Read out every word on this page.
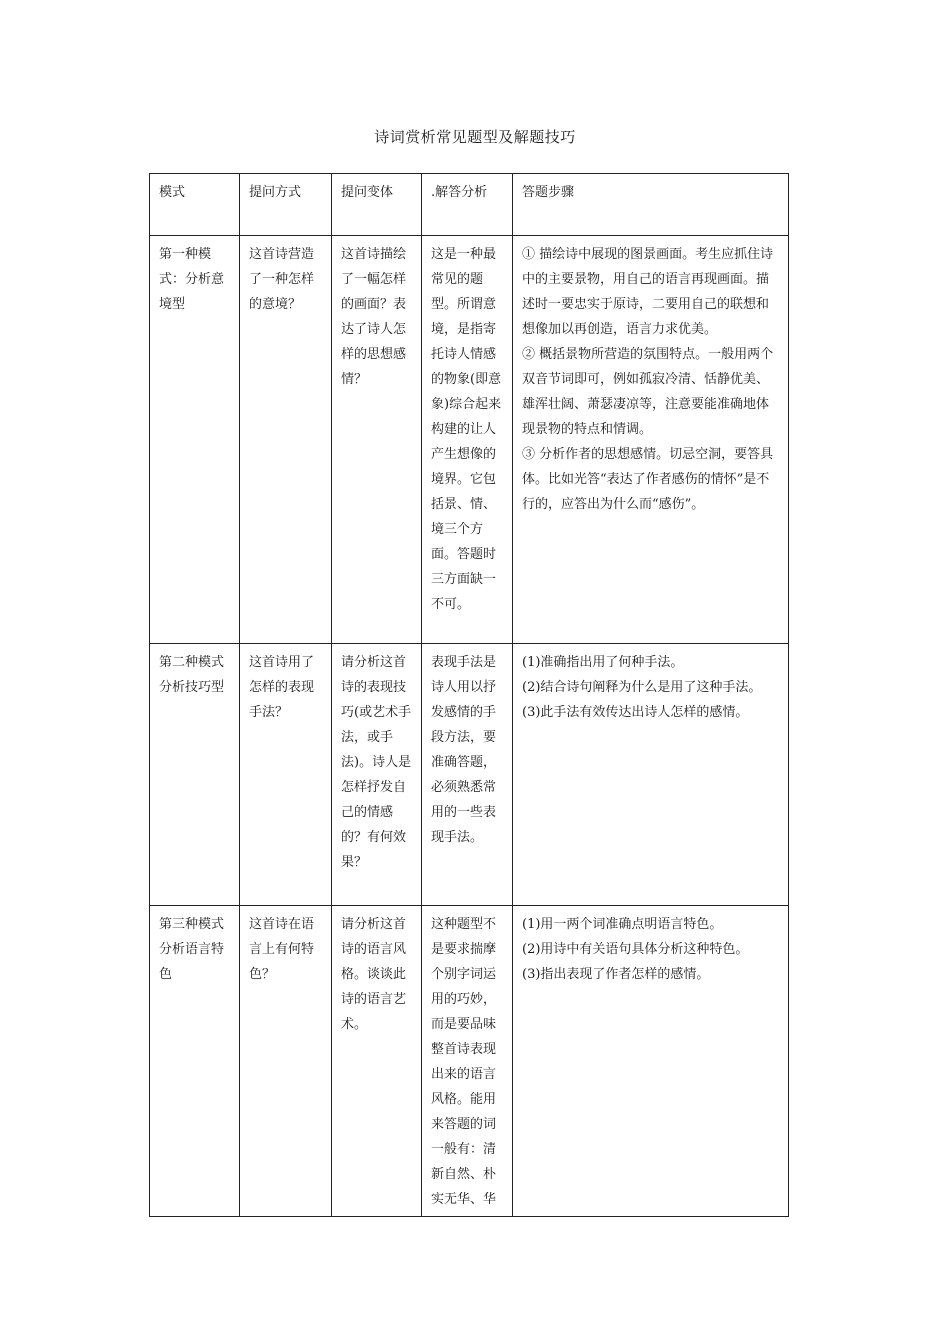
诗词赏析常见题型及解题技巧
模式	提问方式	提问变体	.解答分析	答题步骤
第一种模式：分析意境型	这首诗营造了一种怎样的意境？	这首诗描绘了一幅怎样的画面？表达了诗人怎样的思想感情？	这是一种最常见的题型。所谓意境，是指寄托诗人情感的物象(即意象)综合起来构建的让人产生想像的境界。它包括景、情、境三个方面。答题时三方面缺一不可。	① 描绘诗中展现的图景画面。考生应抓住诗中的主要景物，用自己的语言再现画面。描述时一要忠实于原诗，二要用自己的联想和想像加以再创造，语言力求优美。
② 概括景物所营造的氛围特点。一般用两个双音节词即可，例如孤寂冷清、恬静优美、雄浑壮阔、萧瑟凄凉等，注意要能准确地体现景物的特点和情调。
③ 分析作者的思想感情。切忌空洞，要答具体。比如光答“表达了作者感伤的情怀”是不行的，应答出为什么而“感伤”。

第二种模式分析技巧型	这首诗用了怎样的表现手法？	请分析这首诗的表现技巧(或艺术手法，或手法)。诗人是怎样抒发自己的情感的？有何效果？	表现手法是诗人用以抒发感情的手段方法，要准确答题，必须熟悉常用的一些表现手法。	(1)准确指出用了何种手法。
(2)结合诗句阐释为什么是用了这种手法。
(3)此手法有效传达出诗人怎样的感情。

第三种模式分析语言特色	这首诗在语言上有何特色？	请分析这首诗的语言风格。谈谈此诗的语言艺术。	这种题型不是要求揣摩个别字词运用的巧妙，而是要品味整首诗表现出来的语言风格。能用来答题的词一般有：清新自然、朴实无华、华	(1)用一两个词准确点明语言特色。
(2)用诗中有关语句具体分析这种特色。
(3)指出表现了作者怎样的感情。
